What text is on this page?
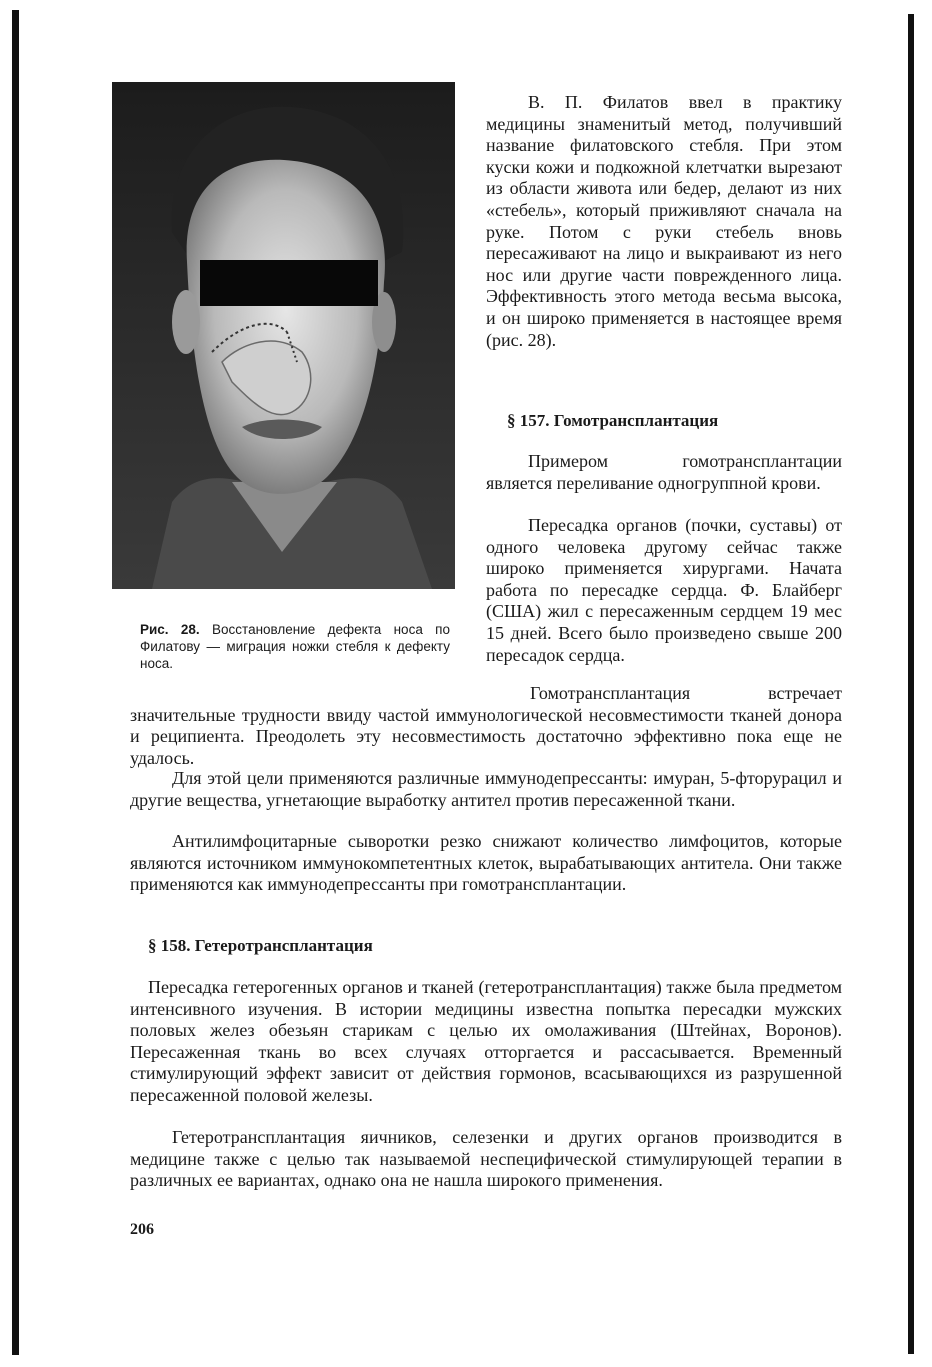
Рис. 28. Восстановление дефекта носа по Филатову — миграция ножки стебля к дефекту носа.

В. П. Филатов ввел в практику медицины знаменитый метод, получивший название филатовского стебля. При этом куски кожи и подкожной клетчатки вырезают из области живота или бедер, делают из них «стебель», который приживляют сначала на руке. Потом с руки стебель вновь пересаживают на лицо и выкраивают из него нос или другие части поврежденного лица. Эффективность этого метода весьма высока, и он широко применяется в настоящее время (рис. 28).

§ 157. Гомотрансплантация

Примером гомотрансплантации является переливание одногруппной крови.

Пересадка органов (почки, суставы) от одного человека другому сейчас также широко применяется хирургами. Начата работа по пересадке сердца. Ф. Блайберг (США) жил с пересаженным сердцем 19 мес 15 дней. Всего было произведено свыше 200 пересадок сердца.

Гомотрансплантация встречает значительные трудности ввиду частой иммунологической несовместимости тканей донора и реципиента. Преодолеть эту несовместимость достаточно эффективно пока еще не удалось.

Для этой цели применяются различные иммунодепрессанты: имуран, 5-фторурацил и другие вещества, угнетающие выработку антител против пересаженной ткани.

Антилимфоцитарные сыворотки резко снижают количество лимфоцитов, которые являются источником иммунокомпетентных клеток, вырабатывающих антитела. Они также применяются как иммунодепрессанты при гомотрансплантации.

§ 158. Гетеротрансплантация

Пересадка гетерогенных органов и тканей (гетеротрансплантация) также была предметом интенсивного изучения. В истории медицины известна попытка пересадки мужских половых желез обезьян старикам с целью их омолаживания (Штейнах, Воронов). Пересаженная ткань во всех случаях отторгается и рассасывается. Временный стимулирующий эффект зависит от действия гормонов, всасывающихся из разрушенной пересаженной половой железы.

Гетеротрансплантация яичников, селезенки и других органов производится в медицине также с целью так называемой неспецифической стимулирующей терапии в различных ее вариантах, однако она не нашла широкого применения.

206
